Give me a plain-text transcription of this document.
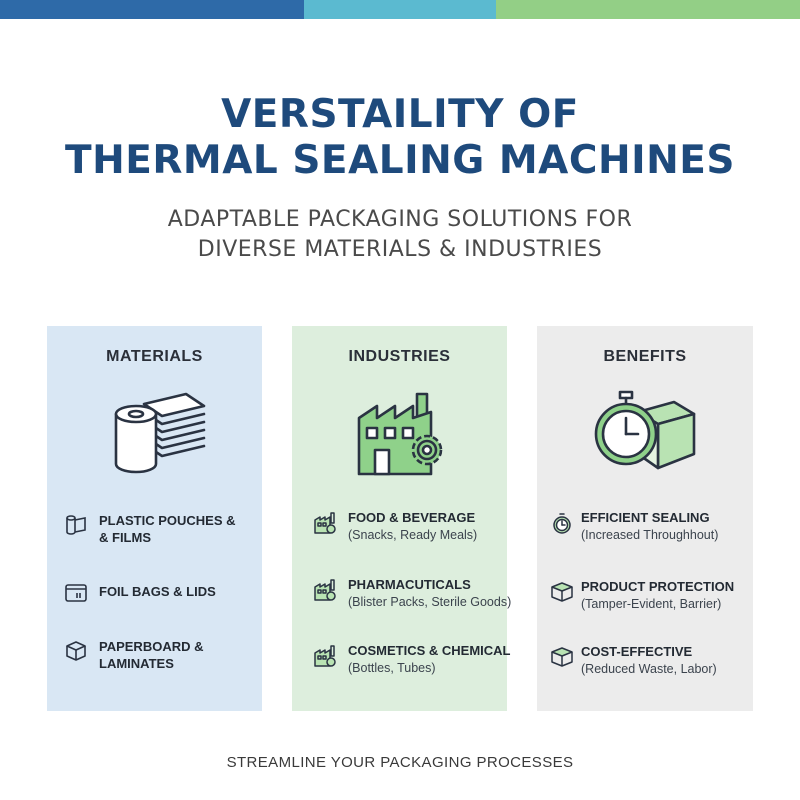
VERSTAILITY OF
THERMAL SEALING MACHINES
ADAPTABLE PACKAGING SOLUTIONS FOR
DIVERSE MATERIALS & INDUSTRIES
MATERIALS
PLASTIC POUCHES &
& FILMS
FOIL BAGS & LIDS
PAPERBOARD &
LAMINATES
INDUSTRIES
FOOD & BEVERAGE
(Snacks, Ready Meals)
PHARMACUTICALS
(Blister Packs, Sterile Goods)
COSMETICS & CHEMICAL
(Bottles, Tubes)
BENEFITS
EFFICIENT SEALING
(Increased Throughhout)
PRODUCT PROTECTION
(Tamper-Evident, Barrier)
COST-EFFECTIVE
(Reduced Waste, Labor)
STREAMLINE YOUR PACKAGING PROCESSES
